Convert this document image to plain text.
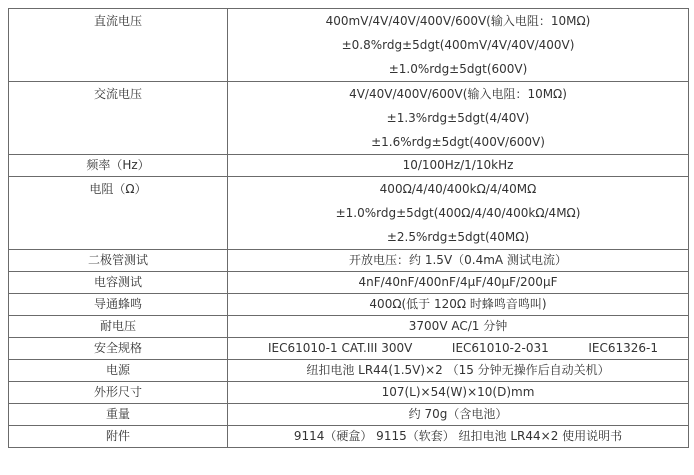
直流电压	400mV/4V/40V/400V/600V(输入电阻：10MΩ)
±0.8%rdg±5dgt(400mV/4V/40V/400V)
±1.0%rdg±5dgt(600V)

交流电压	4V/40V/400V/600V(输入电阻：10MΩ)
±1.3%rdg±5dgt(4/40V)
±1.6%rdg±5dgt(400V/600V)

频率（Hz）	10/100Hz/1/10kHz

电阻（Ω）	400Ω/4/40/400kΩ/4/40MΩ
±1.0%rdg±5dgt(400Ω/4/40/400kΩ/4MΩ)
±2.5%rdg±5dgt(40MΩ)

二极管测试	开放电压：约 1.5V（0.4mA 测试电流）

电容测试	4nF/40nF/400nF/4μF/40μF/200μF

导通蜂鸣	400Ω(低于 120Ω 时蜂鸣音鸣叫)

耐电压	3700V AC/1 分钟

安全规格	IEC61010-1 CAT.III 300V IEC61010-2-031 IEC61326-1

电源	纽扣电池 LR44(1.5V)×2 （15 分钟无操作后自动关机）

外形尺寸	107(L)×54(W)×10(D)mm

重量	约 70g（含电池）

附件	9114（硬盒） 9115（软套） 纽扣电池 LR44×2 使用说明书
